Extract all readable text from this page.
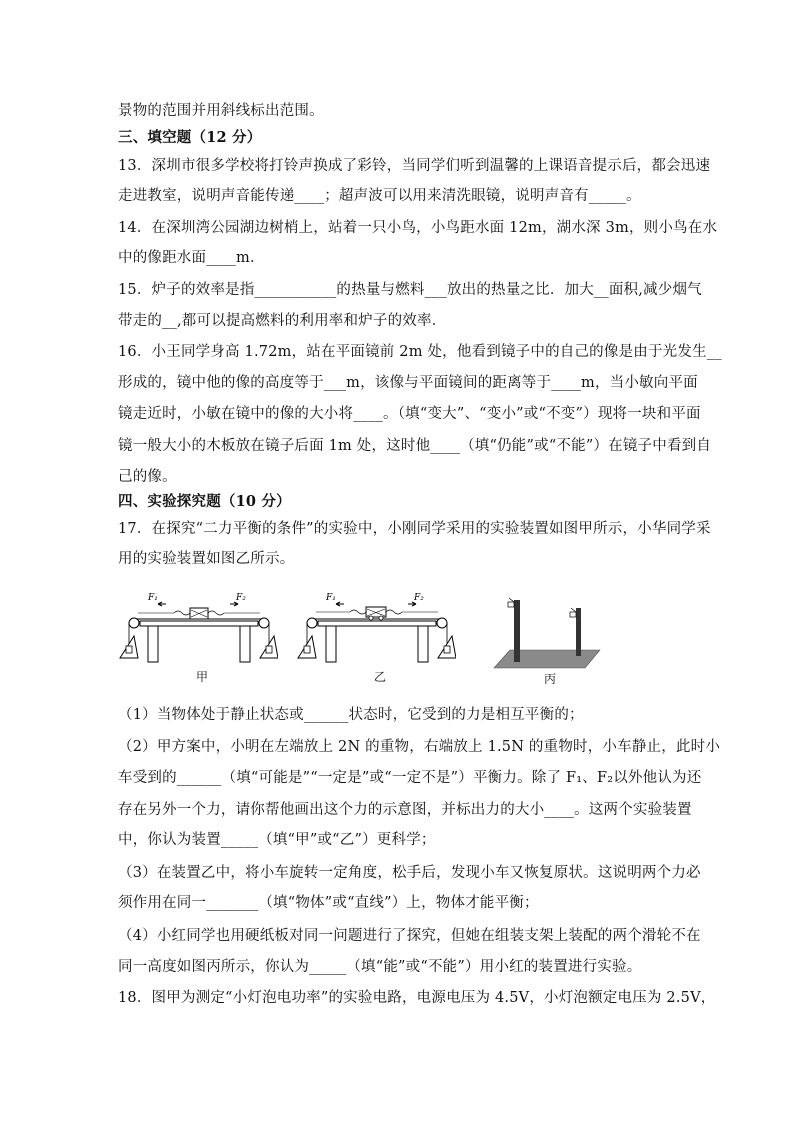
景物的范围并用斜线标出范围。
三、填空题（12 分）
13．深圳市很多学校将打铃声换成了彩铃，当同学们听到温馨的上课语音提示后，都会迅速
走进教室，说明声音能传递____；超声波可以用来清洗眼镜，说明声音有_____。
14．在深圳湾公园湖边树梢上，站着一只小鸟，小鸟距水面 12m，湖水深 3m，则小鸟在水
中的像距水面____m．
15．炉子的效率是指___________的热量与燃料___放出的热量之比．加大__面积,减少烟气
带走的__,都可以提高燃料的利用率和炉子的效率．
16．小王同学身高 1.72m，站在平面镜前 2m 处，他看到镜子中的自己的像是由于光发生__
形成的，镜中他的像的高度等于___m，该像与平面镜间的距离等于____m，当小敏向平面
镜走近时，小敏在镜中的像的大小将____。（填“变大”、“变小”或“不变”）现将一块和平面
镜一般大小的木板放在镜子后面 1m 处，这时他____（填“仍能”或“不能”）在镜子中看到自
己的像。
四、实验探究题（10 分）
17．在探究“二力平衡的条件”的实验中，小刚同学采用的实验装置如图甲所示，小华同学采
用的实验装置如图乙所示。
F₁	F₂
甲
F₁	F₂
乙	丙
（1）当物体处于静止状态或______状态时，它受到的力是相互平衡的；
（2）甲方案中，小明在左端放上 2N 的重物，右端放上 1.5N 的重物时，小车静止，此时小
车受到的______（填“可能是”“一定是”或“一定不是”）平衡力。除了 F₁、F₂以外他认为还
存在另外一个力，请你帮他画出这个力的示意图，并标出力的大小____。这两个实验装置
中，你认为装置_____（填“甲”或“乙”）更科学；
（3）在装置乙中，将小车旋转一定角度，松手后，发现小车又恢复原状。这说明两个力必
须作用在同一_______（填“物体”或“直线”）上，物体才能平衡；
（4）小红同学也用硬纸板对同一问题进行了探究，但她在组装支架上装配的两个滑轮不在
同一高度如图丙所示，你认为_____（填“能”或“不能”）用小红的装置进行实验。
18．图甲为测定“小灯泡电功率”的实验电路，电源电压为 4.5V，小灯泡额定电压为 2.5V，
